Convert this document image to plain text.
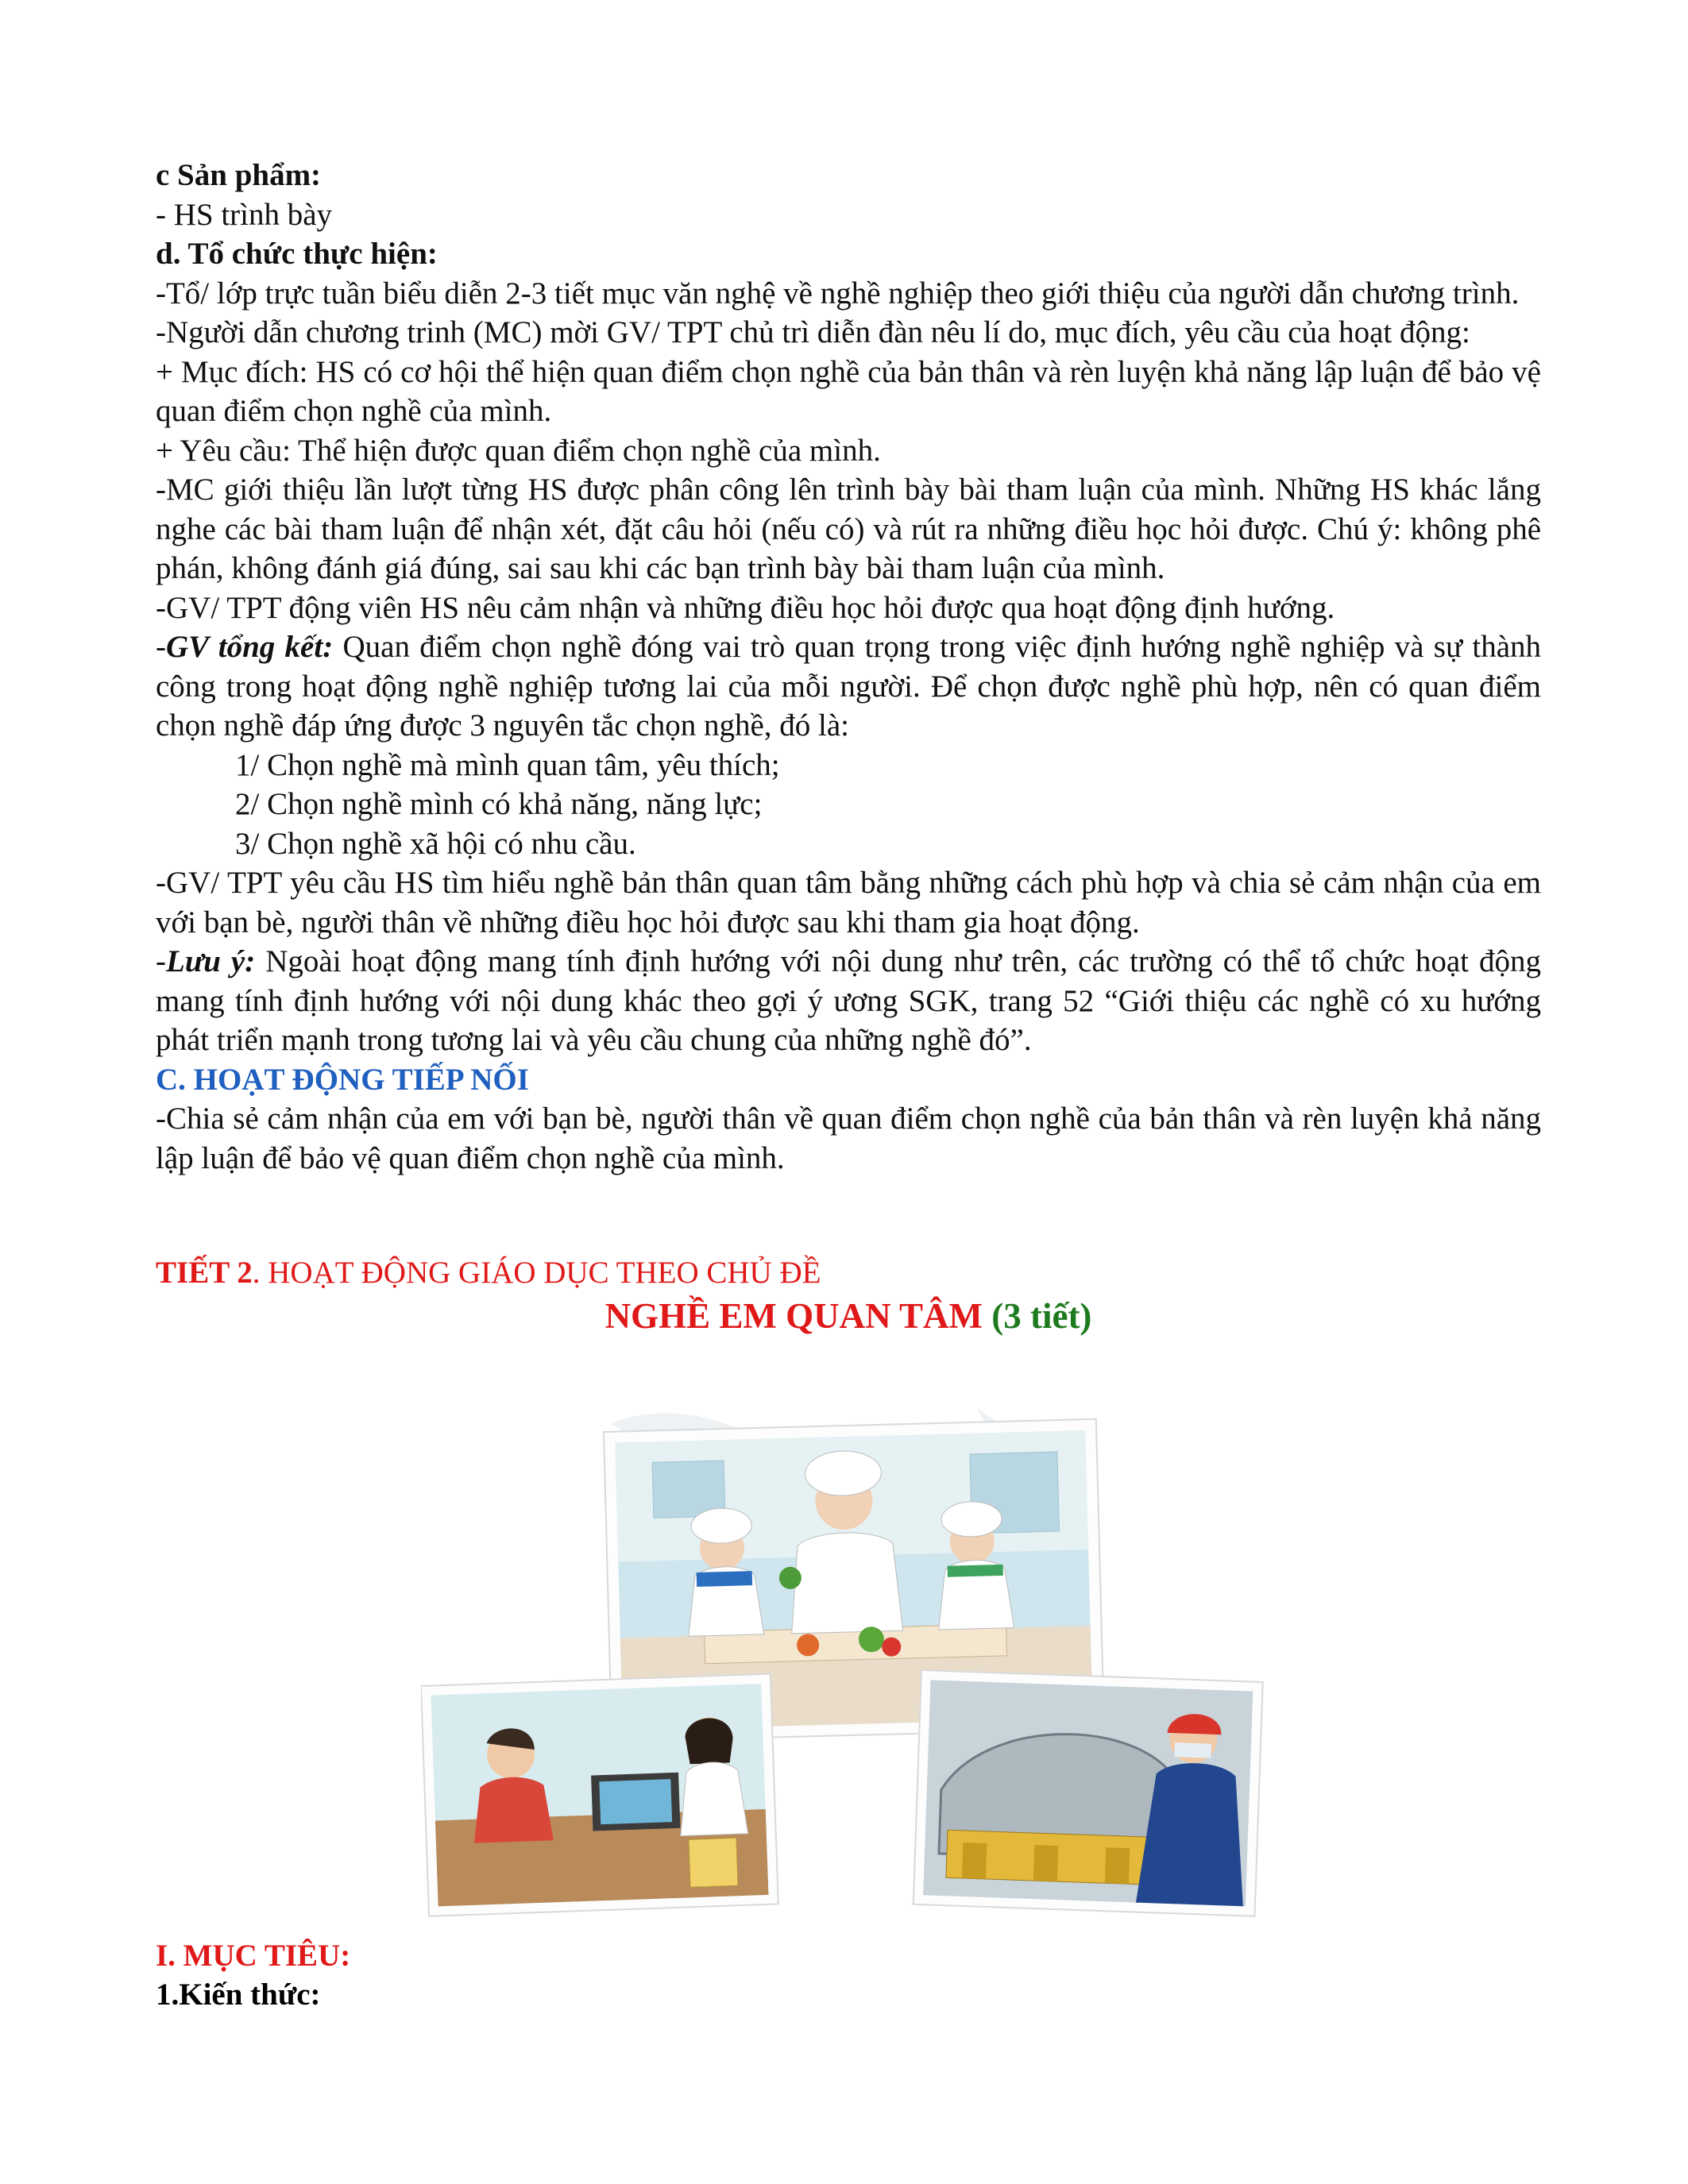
c Sản phẩm:

- HS trình bày

d. Tổ chức thực hiện:

-Tổ/ lớp trực tuần biểu diễn 2-3 tiết mục văn nghệ về nghề nghiệp theo giới thiệu của người dẫn chương trình.

-Người dẫn chương trinh (MC) mời GV/ TPT chủ trì diễn đàn nêu lí do, mục đích, yêu cầu của hoạt động:

+ Mục đích: HS có cơ hội thể hiện quan điểm chọn nghề của bản thân và rèn luyện khả năng lập luận để bảo vệ quan điểm chọn nghề của mình.

+ Yêu cầu: Thể hiện được quan điểm chọn nghề của mình.

-MC giới thiệu lần lượt từng HS được phân công lên trình bày bài tham luận của mình. Những HS khác lắng nghe các bài tham luận để nhận xét, đặt câu hỏi (nếu có) và rút ra những điều học hỏi được. Chú ý: không phê phán, không đánh giá đúng, sai sau khi các bạn trình bày bài tham luận của mình.

-GV/ TPT động viên HS nêu cảm nhận và những điều học hỏi được qua hoạt động định hướng.

-GV tổng kết: Quan điểm chọn nghề đóng vai trò quan trọng trong việc định hướng nghề nghiệp và sự thành công trong hoạt động nghề nghiệp tương lai của mỗi người. Để chọn được nghề phù hợp, nên có quan điểm chọn nghề đáp ứng được 3 nguyên tắc chọn nghề, đó là:

1/ Chọn nghề mà mình quan tâm, yêu thích;

2/ Chọn nghề mình có khả năng, năng lực;

3/ Chọn nghề xã hội có nhu cầu.

-GV/ TPT yêu cầu HS tìm hiểu nghề bản thân quan tâm bằng những cách phù hợp và chia sẻ cảm nhận của em với bạn bè, người thân về những điều học hỏi được sau khi tham gia hoạt động.

-Lưu ý: Ngoài hoạt động mang tính định hướng với nội dung như trên, các trường có thể tổ chức hoạt động mang tính định hướng với nội dung khác theo gợi ý ương SGK, trang 52 “Giới thiệu các nghề có xu hướng phát triển mạnh trong tương lai và yêu cầu chung của những nghề đó”.

C. HOẠT ĐỘNG TIẾP NỐI

-Chia sẻ cảm nhận của em với bạn bè, người thân về quan điểm chọn nghề của bản thân và rèn luyện khả năng lập luận để bảo vệ quan điểm chọn nghề của mình.

TIẾT 2. HOẠT ĐỘNG GIÁO DỤC THEO CHỦ ĐỀ

NGHỀ EM QUAN TÂM (3 tiết)

I. MỤC TIÊU:

1.Kiến thức:
